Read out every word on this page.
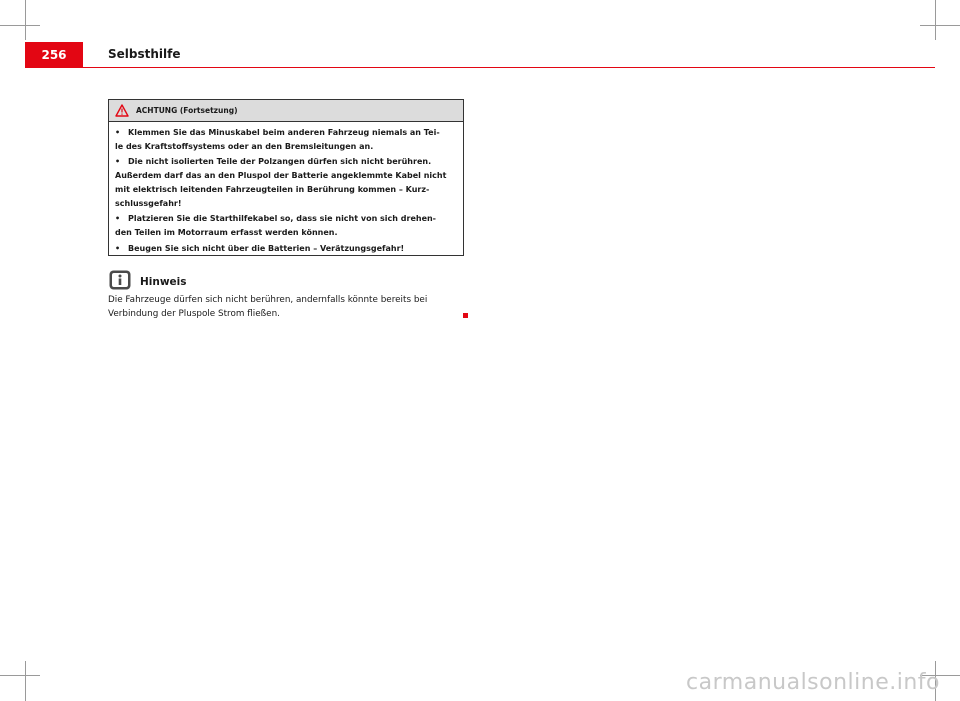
256	Selbsthilfe
ACHTUNG (Fortsetzung)

• Klemmen Sie das Minuskabel beim anderen Fahrzeug niemals an Tei-
le des Kraftstoffsystems oder an den Bremsleitungen an.

• Die nicht isolierten Teile der Polzangen dürfen sich nicht berühren.
Außerdem darf das an den Pluspol der Batterie angeklemmte Kabel nicht
mit elektrisch leitenden Fahrzeugteilen in Berührung kommen – Kurz-
schlussgefahr!

• Platzieren Sie die Starthilfekabel so, dass sie nicht von sich drehen-
den Teilen im Motorraum erfasst werden können.

• Beugen Sie sich nicht über die Batterien – Verätzungsgefahr!

Hinweis
Die Fahrzeuge dürfen sich nicht berühren, andernfalls könnte bereits bei
Verbindung der Pluspole Strom fließen.
carmanualsonline.info
